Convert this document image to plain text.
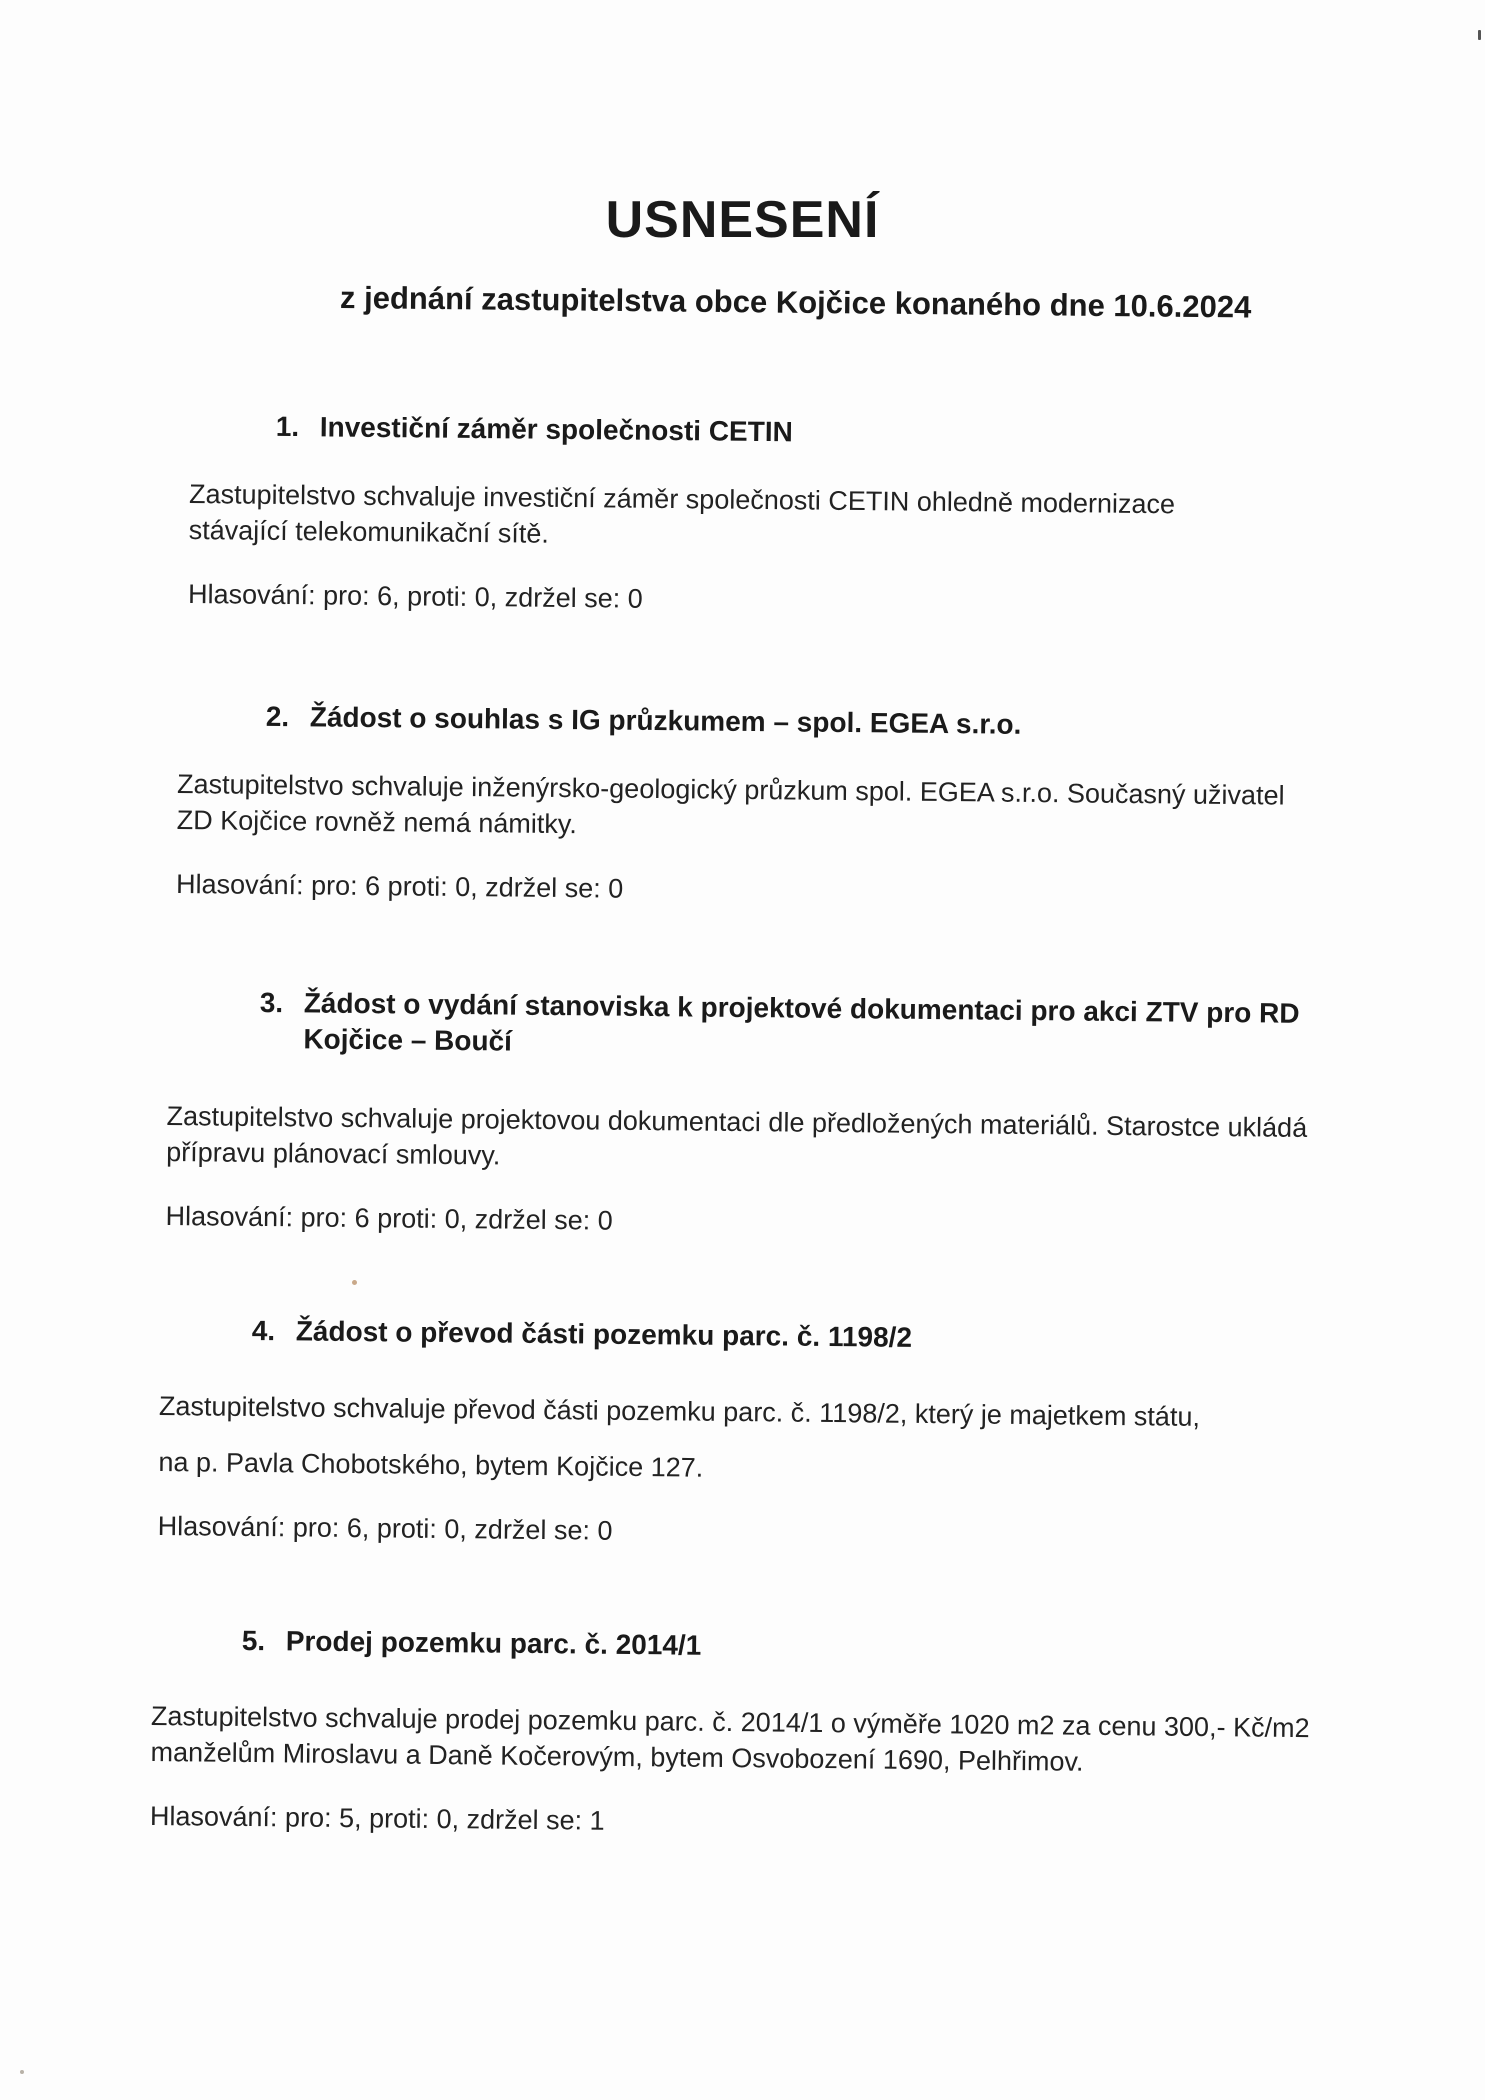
USNESENÍ
z jednání zastupitelstva obce Kojčice konaného dne 10.6.2024
1. Investiční záměr společnosti CETIN
Zastupitelstvo schvaluje investiční záměr společnosti CETIN ohledně modernizace stávající telekomunikační sítě.
Hlasování: pro: 6, proti: 0, zdržel se: 0
2. Žádost o souhlas s IG průzkumem – spol. EGEA s.r.o.
Zastupitelstvo schvaluje inženýrsko-geologický průzkum spol. EGEA s.r.o. Současný uživatel ZD Kojčice rovněž nemá námitky.
Hlasování: pro: 6 proti: 0, zdržel se: 0
3. Žádost o vydání stanoviska k projektové dokumentaci pro akci ZTV pro RD Kojčice – Boučí
Zastupitelstvo schvaluje projektovou dokumentaci dle předložených materiálů. Starostce ukládá přípravu plánovací smlouvy.
Hlasování: pro: 6 proti: 0, zdržel se: 0
4. Žádost o převod části pozemku parc. č. 1198/2
Zastupitelstvo schvaluje převod části pozemku parc. č. 1198/2, který je majetkem státu,
na p. Pavla Chobotského, bytem Kojčice 127.
Hlasování: pro: 6, proti: 0, zdržel se: 0
5. Prodej pozemku parc. č. 2014/1
Zastupitelstvo schvaluje prodej pozemku parc. č. 2014/1 o výměře 1020 m2 za cenu 300,- Kč/m2 manželům Miroslavu a Daně Kočerovým, bytem Osvobození 1690, Pelhřimov.
Hlasování: pro: 5, proti: 0, zdržel se: 1
